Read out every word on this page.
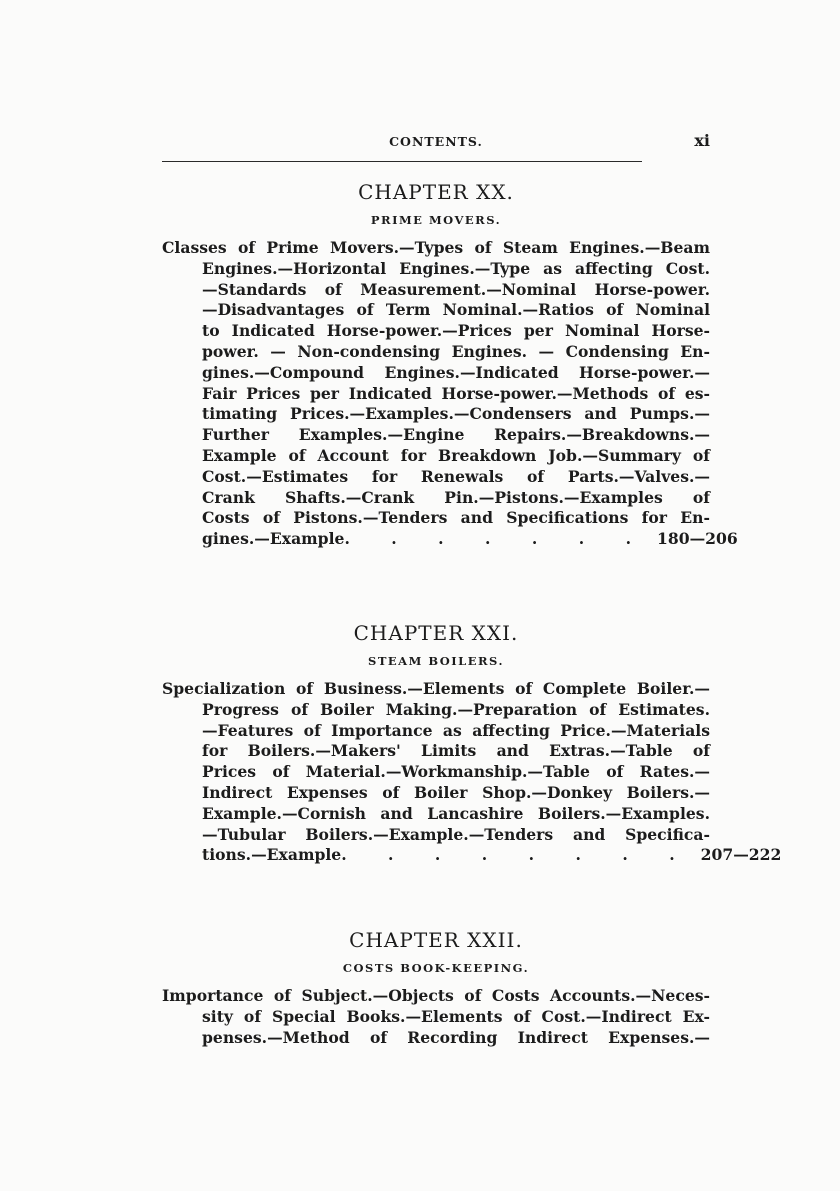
CONTENTS.	xi
CHAPTER XX.
PRIME MOVERS.
Classes of Prime Movers.—Types of Steam Engines.—Beam
Engines.—Horizontal Engines.—Type as affecting Cost.
—Standards of Measurement.—Nominal Horse-power.
—Disadvantages of Term Nominal.—Ratios of Nominal
to Indicated Horse-power.—Prices per Nominal Horse-
power. — Non-condensing Engines. — Condensing En-
gines.—Compound Engines.—Indicated Horse-power.—
Fair Prices per Indicated Horse-power.—Methods of es-
timating Prices.—Examples.—Condensers and Pumps.—
Further Examples.—Engine Repairs.—Breakdowns.—
Example of Account for Breakdown Job.—Summary of
Cost.—Estimates for Renewals of Parts.—Valves.—
Crank Shafts.—Crank Pin.—Pistons.—Examples of
Costs of Pistons.—Tenders and Specifications for En-
gines.—Example . . . . . . . 180—206
CHAPTER XXI.
STEAM BOILERS.
Specialization of Business.—Elements of Complete Boiler.—
Progress of Boiler Making.—Preparation of Estimates.
—Features of Importance as affecting Price.—Materials
for Boilers.—Makers' Limits and Extras.—Table of
Prices of Material.—Workmanship.—Table of Rates.—
Indirect Expenses of Boiler Shop.—Donkey Boilers.—
Example.—Cornish and Lancashire Boilers.—Examples.
—Tubular Boilers.—Example.—Tenders and Specifica-
tions.—Example . . . . . . . . 207—222
CHAPTER XXII.
COSTS BOOK-KEEPING.
Importance of Subject.—Objects of Costs Accounts.—Neces-
sity of Special Books.—Elements of Cost.—Indirect Ex-
penses.—Method of Recording Indirect Expenses.—
